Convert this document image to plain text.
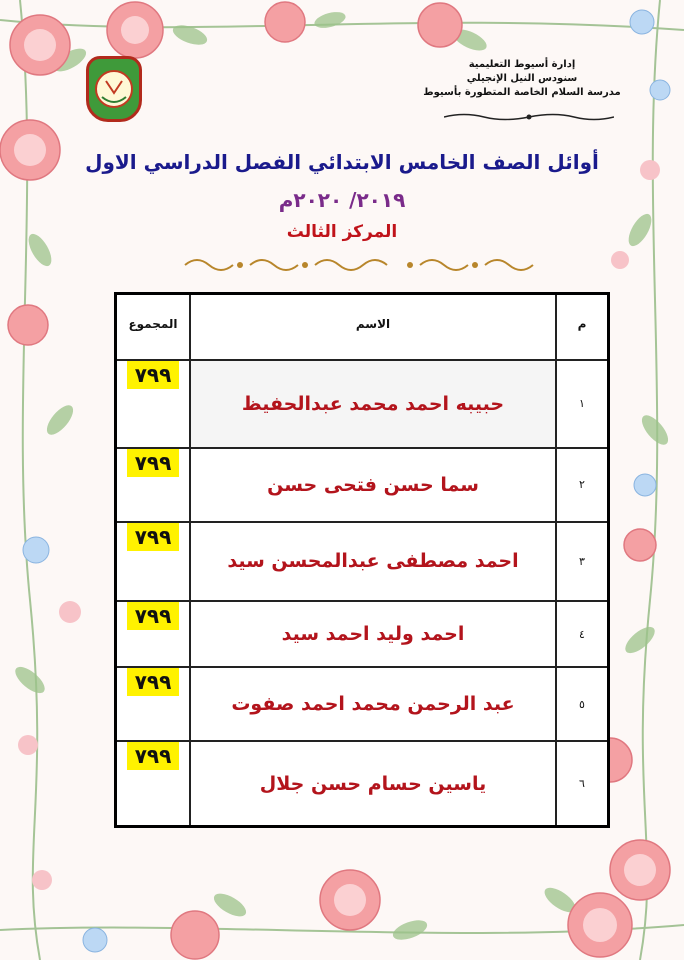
إدارة أسيوط التعليمية
سنودس النيل الإنجيلي
مدرسة السلام الخاصة المتطورة بأسيوط
أوائل الصف الخامس الابتدائي الفصل الدراسي الاول
٢٠١٩/ ٢٠٢٠م
المركز الثالث
م	الاسم	المجموع
١	حبيبه احمد محمد عبدالحفيظ	٧٩٩
٢	سما حسن فتحى حسن	٧٩٩
٣	احمد مصطفى عبدالمحسن سيد	٧٩٩
٤	احمد وليد احمد سيد	٧٩٩
٥	عبد الرحمن محمد احمد صفوت	٧٩٩
٦	ياسين حسام حسن جلال	٧٩٩
